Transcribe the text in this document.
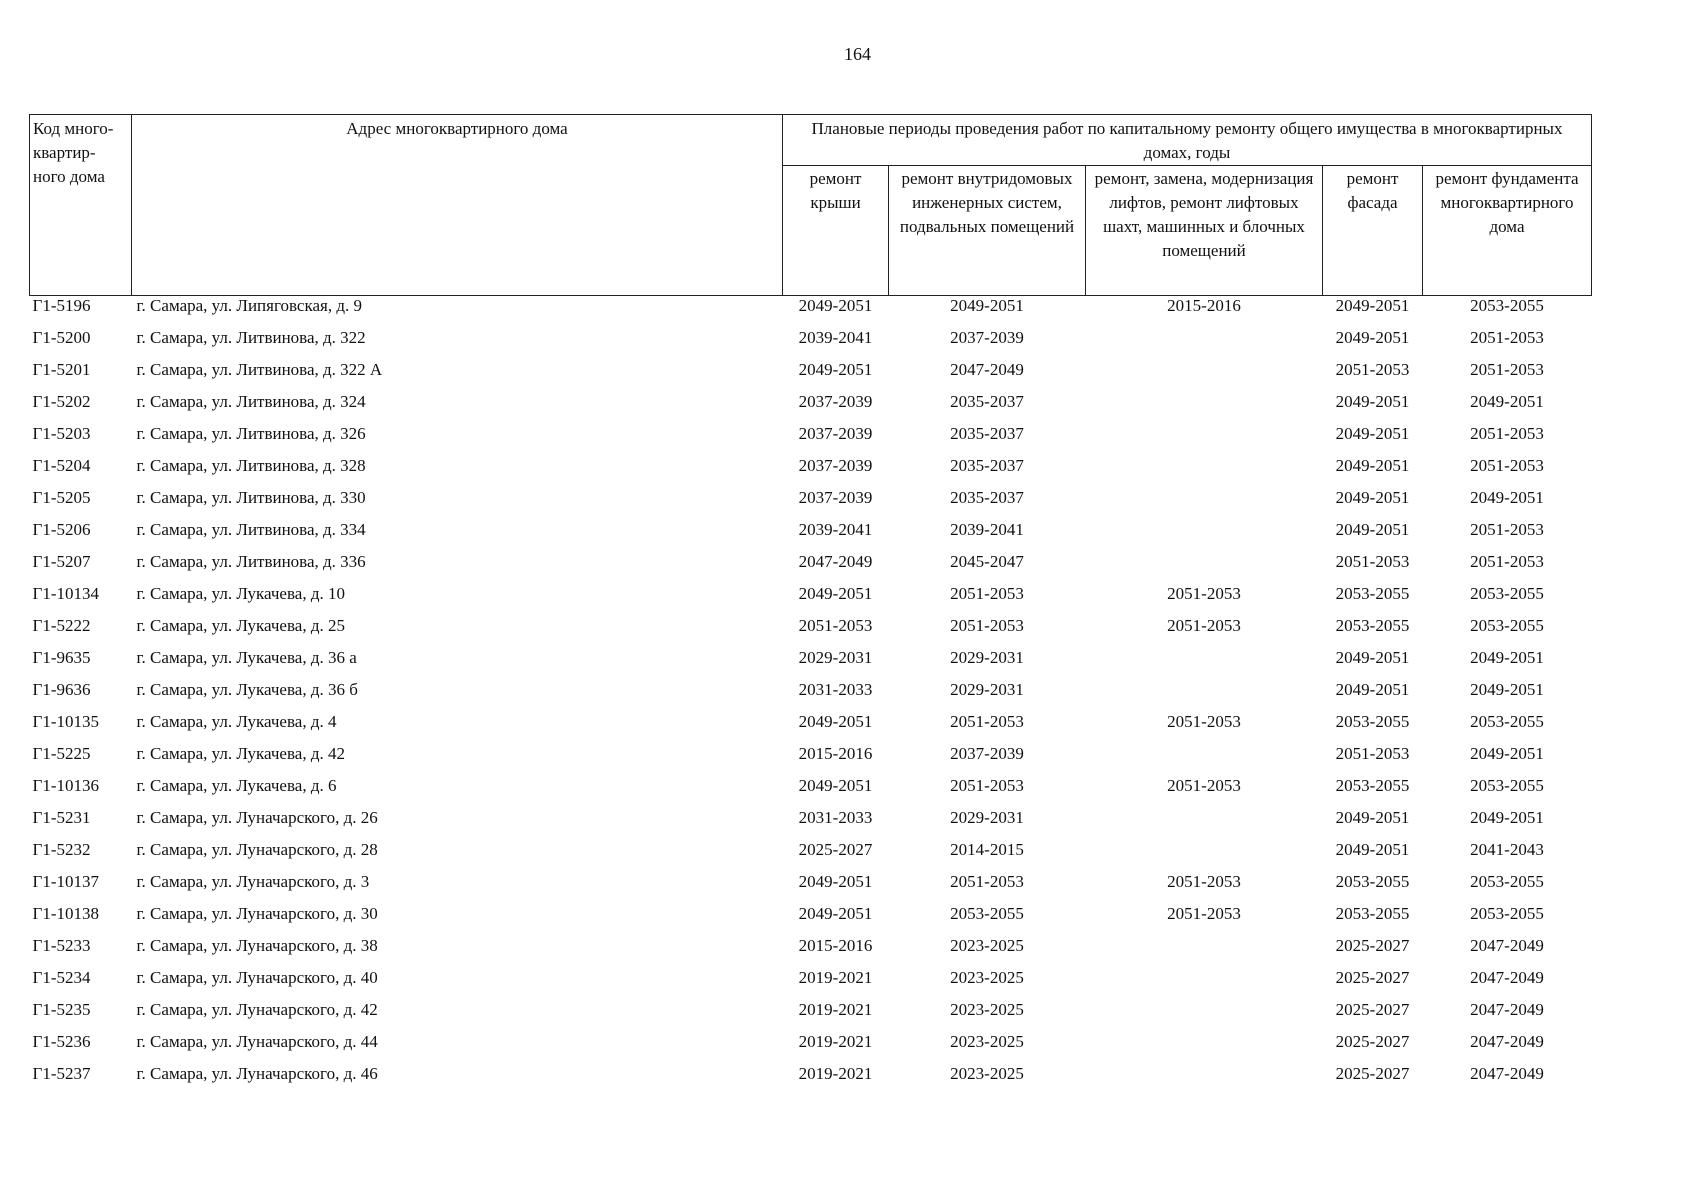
164
Код много-квартир-ного дома	Адрес многоквартирного дома	Плановые периоды проведения работ по капитальному ремонту общего имущества в многоквартирных домах, годы				
		ремонт крыши	ремонт внутридомовых инженерных систем, подвальных помещений	ремонт, замена, модернизация лифтов, ремонт лифтовых шахт, машинных и блочных помещений	ремонт фасада	ремонт фундамента многоквартирного дома
Г1-5196	г. Самара, ул. Липяговская, д. 9	2049-2051	2049-2051	2015-2016	2049-2051	2053-2055
Г1-5200	г. Самара, ул. Литвинова, д. 322	2039-2041	2037-2039		2049-2051	2051-2053
Г1-5201	г. Самара, ул. Литвинова, д. 322 А	2049-2051	2047-2049		2051-2053	2051-2053
Г1-5202	г. Самара, ул. Литвинова, д. 324	2037-2039	2035-2037		2049-2051	2049-2051
Г1-5203	г. Самара, ул. Литвинова, д. 326	2037-2039	2035-2037		2049-2051	2051-2053
Г1-5204	г. Самара, ул. Литвинова, д. 328	2037-2039	2035-2037		2049-2051	2051-2053
Г1-5205	г. Самара, ул. Литвинова, д. 330	2037-2039	2035-2037		2049-2051	2049-2051
Г1-5206	г. Самара, ул. Литвинова, д. 334	2039-2041	2039-2041		2049-2051	2051-2053
Г1-5207	г. Самара, ул. Литвинова, д. 336	2047-2049	2045-2047		2051-2053	2051-2053
Г1-10134	г. Самара, ул. Лукачева, д. 10	2049-2051	2051-2053	2051-2053	2053-2055	2053-2055
Г1-5222	г. Самара, ул. Лукачева, д. 25	2051-2053	2051-2053	2051-2053	2053-2055	2053-2055
Г1-9635	г. Самара, ул. Лукачева, д. 36 а	2029-2031	2029-2031		2049-2051	2049-2051
Г1-9636	г. Самара, ул. Лукачева, д. 36 б	2031-2033	2029-2031		2049-2051	2049-2051
Г1-10135	г. Самара, ул. Лукачева, д. 4	2049-2051	2051-2053	2051-2053	2053-2055	2053-2055
Г1-5225	г. Самара, ул. Лукачева, д. 42	2015-2016	2037-2039		2051-2053	2049-2051
Г1-10136	г. Самара, ул. Лукачева, д. 6	2049-2051	2051-2053	2051-2053	2053-2055	2053-2055
Г1-5231	г. Самара, ул. Луначарского, д. 26	2031-2033	2029-2031		2049-2051	2049-2051
Г1-5232	г. Самара, ул. Луначарского, д. 28	2025-2027	2014-2015		2049-2051	2041-2043
Г1-10137	г. Самара, ул. Луначарского, д. 3	2049-2051	2051-2053	2051-2053	2053-2055	2053-2055
Г1-10138	г. Самара, ул. Луначарского, д. 30	2049-2051	2053-2055	2051-2053	2053-2055	2053-2055
Г1-5233	г. Самара, ул. Луначарского, д. 38	2015-2016	2023-2025		2025-2027	2047-2049
Г1-5234	г. Самара, ул. Луначарского, д. 40	2019-2021	2023-2025		2025-2027	2047-2049
Г1-5235	г. Самара, ул. Луначарского, д. 42	2019-2021	2023-2025		2025-2027	2047-2049
Г1-5236	г. Самара, ул. Луначарского, д. 44	2019-2021	2023-2025		2025-2027	2047-2049
Г1-5237	г. Самара, ул. Луначарского, д. 46	2019-2021	2023-2025		2025-2027	2047-2049
